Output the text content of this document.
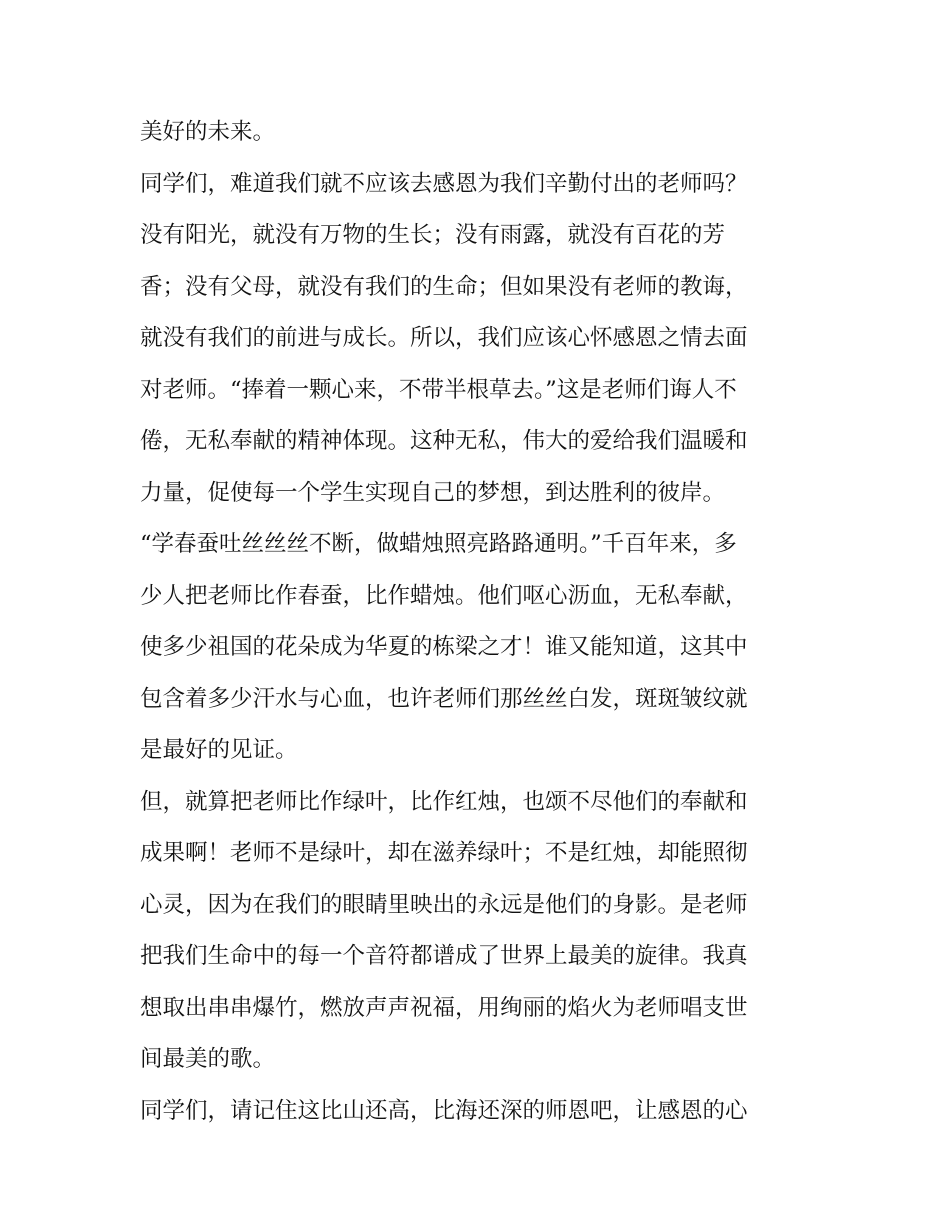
美好的未来。
同学们，难道我们就不应该去感恩为我们辛勤付出的老师吗？
没有阳光，就没有万物的生长；没有雨露，就没有百花的芳
香；没有父母，就没有我们的生命；但如果没有老师的教诲，
就没有我们的前进与成长。所以，我们应该心怀感恩之情去面
对老师。“捧着一颗心来，不带半根草去。”这是老师们诲人不
倦，无私奉献的精神体现。这种无私，伟大的爱给我们温暖和
力量，促使每一个学生实现自己的梦想，到达胜利的彼岸。
“学春蚕吐丝丝丝不断，做蜡烛照亮路路通明。”千百年来，多
少人把老师比作春蚕，比作蜡烛。他们呕心沥血，无私奉献，
使多少祖国的花朵成为华夏的栋梁之才！谁又能知道，这其中
包含着多少汗水与心血，也许老师们那丝丝白发，斑斑皱纹就
是最好的见证。
但，就算把老师比作绿叶，比作红烛，也颂不尽他们的奉献和
成果啊！老师不是绿叶，却在滋养绿叶；不是红烛，却能照彻
心灵，因为在我们的眼睛里映出的永远是他们的身影。是老师
把我们生命中的每一个音符都谱成了世界上最美的旋律。我真
想取出串串爆竹，燃放声声祝福，用绚丽的焰火为老师唱支世
间最美的歌。
同学们，请记住这比山还高，比海还深的师恩吧，让感恩的心
